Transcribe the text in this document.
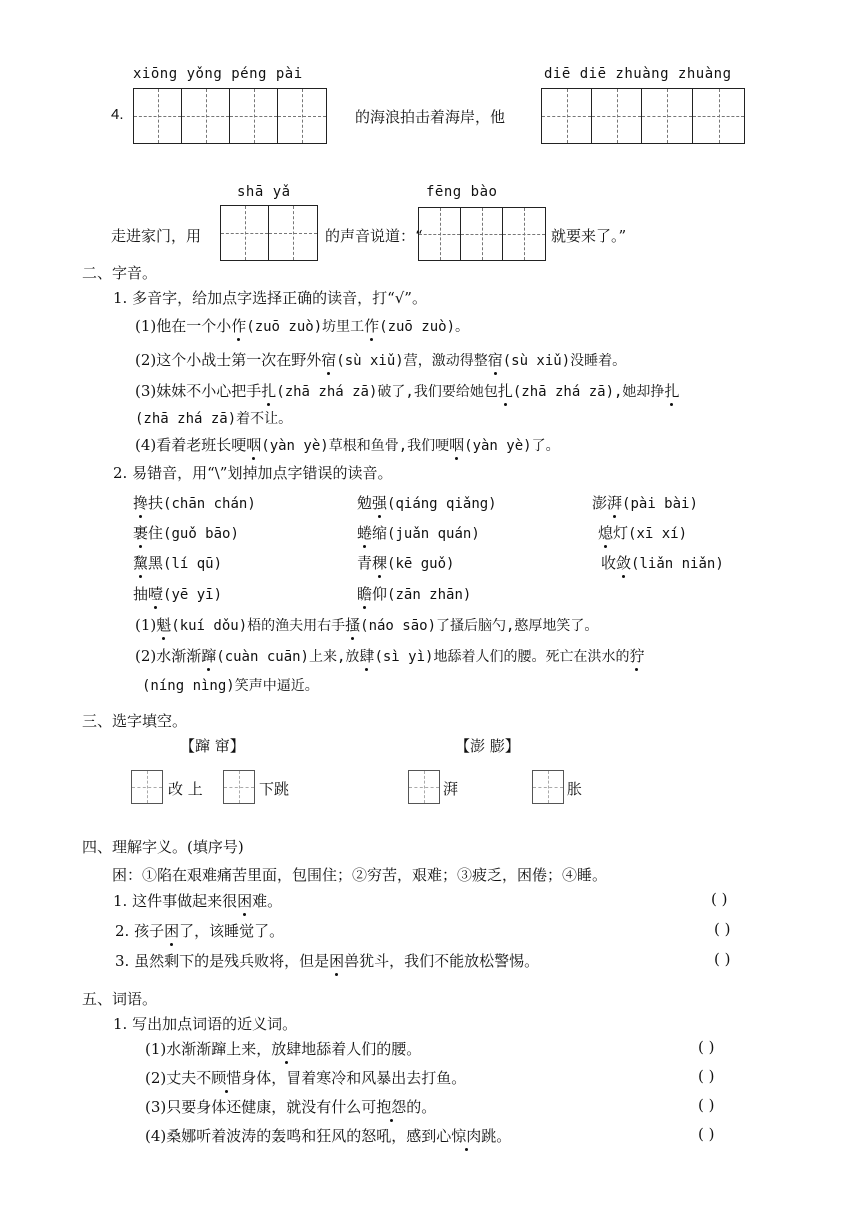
xiōng yǒng péng pài
4.	的海浪拍击着海岸，他
diē diē zhuàng zhuàng
shā yǎ	fēng bào
走进家门，用	的声音说道：“	就要来了。”
二、字音。
1. 多音字，给加点字选择正确的读音，打“√”。
(1)他在一个小作(zuō zuò)坊里工作(zuō zuò)。
(2)这个小战士第一次在野外宿(sù xiǔ)营，激动得整宿(sù xiǔ)没睡着。
(3)妹妹不小心把手扎(zhā zhá zā)破了,我们要给她包扎(zhā zhá zā),她却挣扎
(zhā zhá zā)着不让。
(4)看着老班长哽咽(yàn yè)草根和鱼骨,我们哽咽(yàn yè)了。
2. 易错音，用“\”划掉加点字错误的读音。
搀扶(chān chán)	勉强(qiáng qiǎng)	澎湃(pài bài)
裹住(guǒ bāo)	蜷缩(juǎn quán)	熄灯(xī xí)
黧黑(lí qū)	青稞(kē guǒ)	收敛(liǎn niǎn)
抽噎(yē yī)	瞻仰(zān zhān)
(1)魁(kuí dǒu)梧的渔夫用右手搔(náo sāo)了搔后脑勺,憨厚地笑了。
(2)水渐渐蹿(cuàn cuān)上来,放肆(sì yì)地舔着人们的腰。死亡在洪水的狞
(níng nìng)笑声中逼近。
三、选字填空。
【蹿 窜】	【澎 膨】
改 上	下跳	湃	胀
四、理解字义。(填序号)
困：①陷在艰难痛苦里面，包围住；②穷苦，艰难；③疲乏，困倦；④睡。
1. 这件事做起来很困难。	( )
2. 孩子困了，该睡觉了。	( )
3. 虽然剩下的是残兵败将，但是困兽犹斗，我们不能放松警惕。	( )
五、词语。
1. 写出加点词语的近义词。
(1)水渐渐蹿上来，放肆地舔着人们的腰。	( )
(2)丈夫不顾惜身体，冒着寒冷和风暴出去打鱼。	( )
(3)只要身体还健康，就没有什么可抱怨的。	( )
(4)桑娜听着波涛的轰鸣和狂风的怒吼，感到心惊肉跳。	( )
